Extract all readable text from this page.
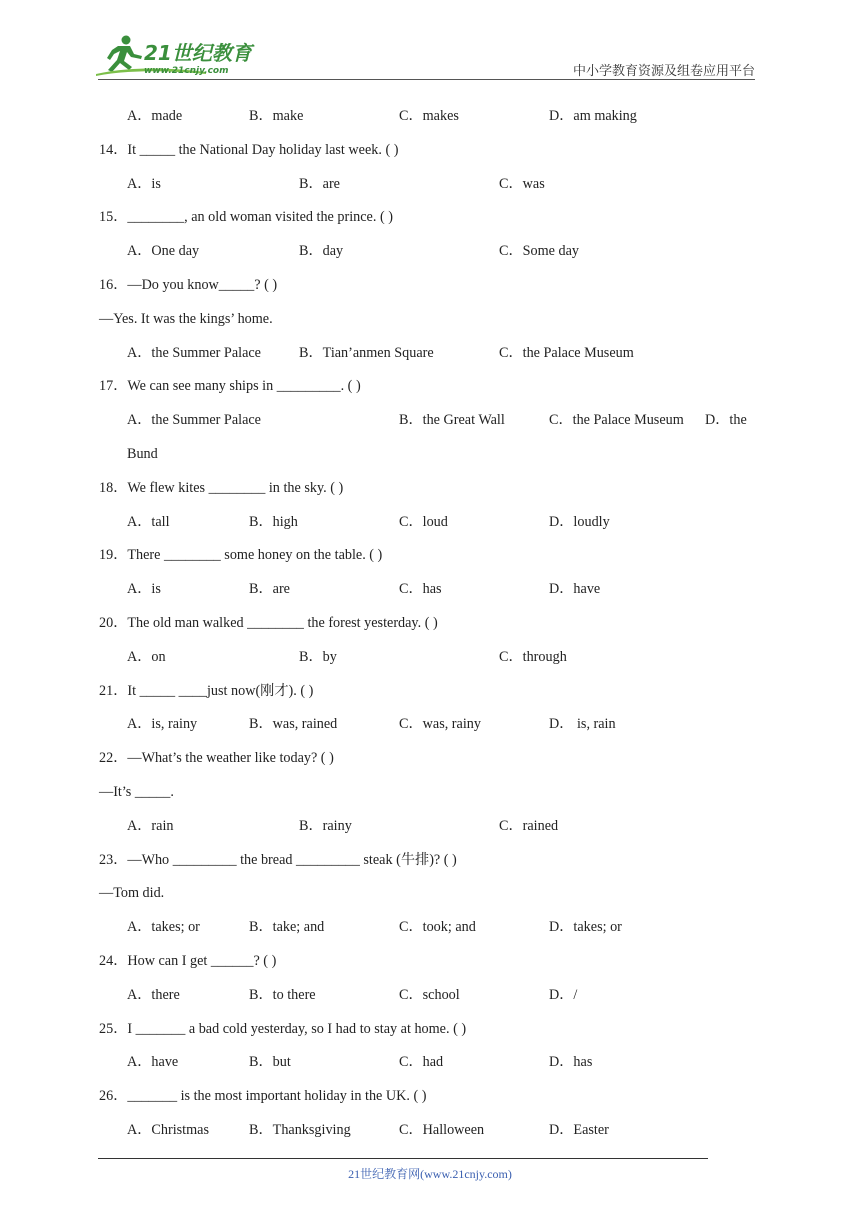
21世纪教育
www.21cnjy.com	中小学教育资源及组卷应用平台
A．made	B．make	C．makes	D．am making
14．It _____ the National Day holiday last week. ( )
A．is	B．are	C．was
15．________, an old woman visited the prince. ( )
A．One day	B．day	C．Some day
16．—Do you know_____? ( )
—Yes. It was the kings’ home.
A．the Summer Palace	B．Tian’anmen Square	C．the Palace Museum
17．We can see many ships in _________. ( )
A．the Summer Palace	B．the Great Wall	C．the Palace Museum D．the
Bund
18．We flew kites ________ in the sky. ( )
A．tall	B．high	C．loud	D．loudly
19．There ________ some honey on the table. ( )
A．is	B．are	C．has	D．have
20．The old man walked ________ the forest yesterday. ( )
A．on	B．by	C．through
21．It _____ ____just now(刚才). ( )
A．is, rainy	B．was, rained	C．was, rainy	D． is, rain
22．—What’s the weather like today? ( )
—It’s _____.
A．rain	B．rainy	C．rained
23．—Who _________ the bread _________ steak (牛排)? ( )
—Tom did.
A．takes; or	B．take; and	C．took; and	D．takes; or
24．How can I get ______? ( )
A．there	B．to there	C．school	D．/
25．I _______ a bad cold yesterday, so I had to stay at home. ( )
A．have	B．but	C．had	D．has
26．_______ is the most important holiday in the UK. ( )
A．Christmas	B．Thanksgiving	C．Halloween	D．Easter
21世纪教育网(www.21cnjy.com)
